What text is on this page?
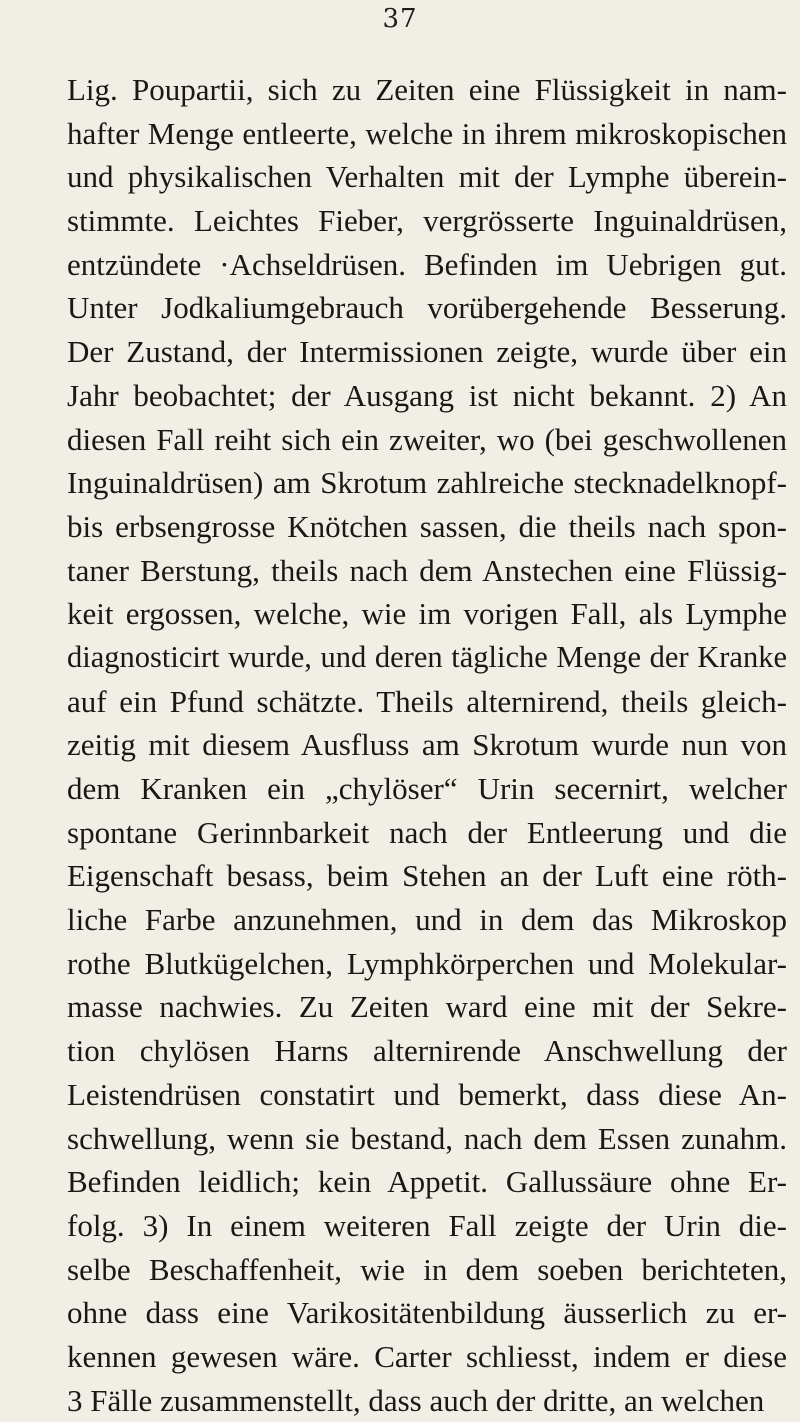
37
Lig. Poupartii, sich zu Zeiten eine Flüssigkeit in nam-
hafter Menge entleerte, welche in ihrem mikroskopischen
und physikalischen Verhalten mit der Lymphe überein-
stimmte. Leichtes Fieber, vergrösserte Inguinaldrüsen,
entzündete ·Achseldrüsen. Befinden im Uebrigen gut.
Unter Jodkaliumgebrauch vorübergehende Besserung.
Der Zustand, der Intermissionen zeigte, wurde über ein
Jahr beobachtet; der Ausgang ist nicht bekannt. 2) An
diesen Fall reiht sich ein zweiter, wo (bei geschwollenen
Inguinaldrüsen) am Skrotum zahlreiche stecknadelknopf-
bis erbsengrosse Knötchen sassen, die theils nach spon-
taner Berstung, theils nach dem Anstechen eine Flüssig-
keit ergossen, welche, wie im vorigen Fall, als Lymphe
diagnosticirt wurde, und deren tägliche Menge der Kranke
auf ein Pfund schätzte. Theils alternirend, theils gleich-
zeitig mit diesem Ausfluss am Skrotum wurde nun von
dem Kranken ein „chylöser“ Urin secernirt, welcher
spontane Gerinnbarkeit nach der Entleerung und die
Eigenschaft besass, beim Stehen an der Luft eine röth-
liche Farbe anzunehmen, und in dem das Mikroskop
rothe Blutkügelchen, Lymphkörperchen und Molekular-
masse nachwies. Zu Zeiten ward eine mit der Sekre-
tion chylösen Harns alternirende Anschwellung der
Leistendrüsen constatirt und bemerkt, dass diese An-
schwellung, wenn sie bestand, nach dem Essen zunahm.
Befinden leidlich; kein Appetit. Gallussäure ohne Er-
folg. 3) In einem weiteren Fall zeigte der Urin die-
selbe Beschaffenheit, wie in dem soeben berichteten,
ohne dass eine Varikositätenbildung äusserlich zu er-
kennen gewesen wäre. Carter schliesst, indem er diese
3 Fälle zusammenstellt, dass auch der dritte, an welchen
